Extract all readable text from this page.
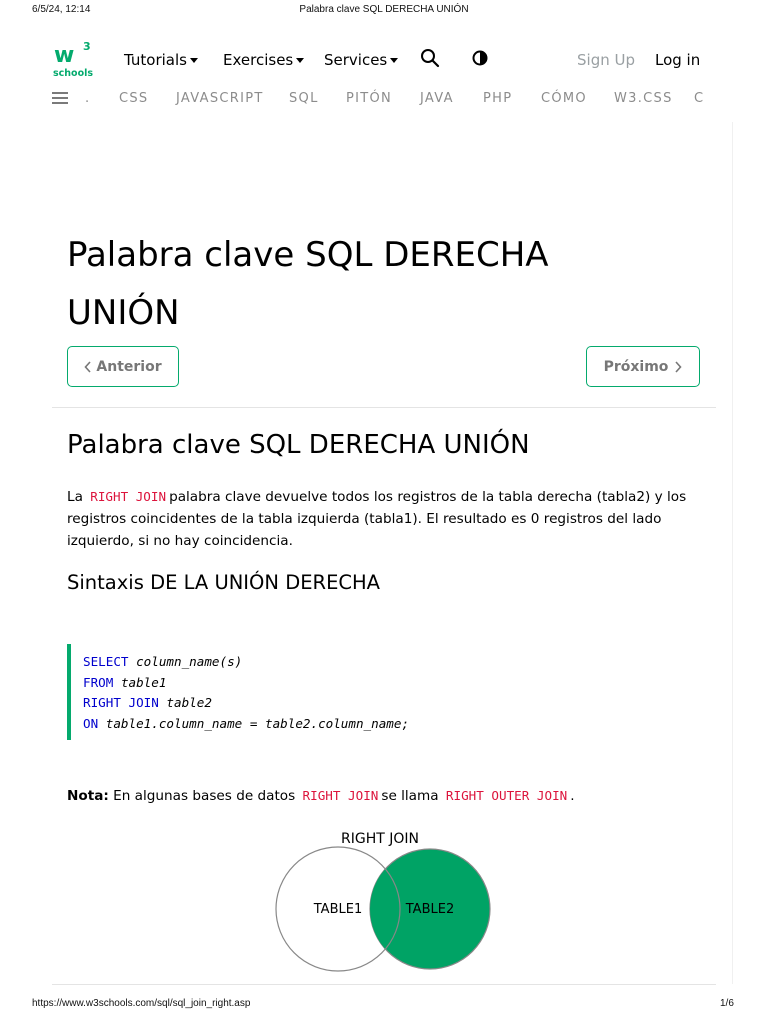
6/5/24, 12:14	Palabra clave SQL DERECHA UNIÓN
w 3
schools
Tutorials	Exercises	Services	Sign Up Log in
. CSS JAVASCRIPT SQL PITÓN JAVA PHP CÓMO W3.CSS C
Palabra clave SQL DERECHA UNIÓN
Anterior	Próximo
Palabra clave SQL DERECHA UNIÓN

La RIGHT JOIN palabra clave devuelve todos los registros de la tabla derecha (tabla2) y los registros coincidentes de la tabla izquierda (tabla1). El resultado es 0 registros del lado izquierdo, si no hay coincidencia.

Sintaxis DE LA UNIÓN DERECHA
SELECT column_name(s)
FROM table1
RIGHT JOIN table2
ON table1.column_name = table2.column_name;

Nota: En algunas bases de datos RIGHT JOIN se llama RIGHT OUTER JOIN .

RIGHT JOIN
TABLE1	TABLE2
https://www.w3schools.com/sql/sql_join_right.asp	1/6
